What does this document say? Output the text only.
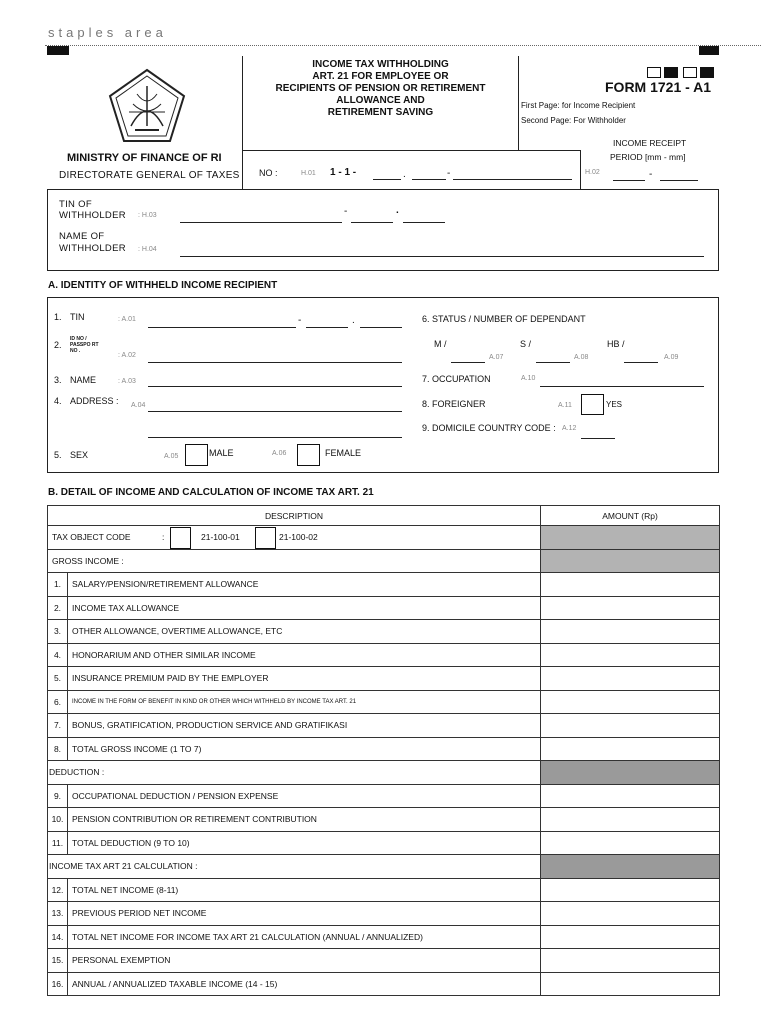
staples area
MINISTRY OF FINANCE OF RI
DIRECTORATE GENERAL OF TAXES
INCOME TAX WITHHOLDING
ART. 21 FOR EMPLOYEE OR
RECIPIENTS OF PENSION OR RETIREMENT
ALLOWANCE AND
RETIREMENT SAVING
FORM 1721 - A1
First Page: for Income Recipient
Second Page: For Withholder
NO :	H.01 1 - 1 -	.	-
INCOME RECEIPT
PERIOD [mm - mm]
H.02	-
TIN OF
WITHHOLDER : H.03	-	.
NAME OF
WITHHOLDER : H.04
A. IDENTITY OF WITHHELD INCOME RECIPIENT
1. TIN	: A.01	-	.
2.
ID NO /
PASSPO RT
NO .
: A.02
3. NAME	: A.03
4. ADDRESS : A.04
5. SEX	A.05	MALE	A.06	FEMALE
6. STATUS / NUMBER OF DEPENDANT
M /	S /	HB /
A.07	A.08	A.09
7. OCCUPATION	A.10
8. FOREIGNER	A.11	YES
9. DOMICILE COUNTRY CODE : A.12
B. DETAIL OF INCOME AND CALCULATION OF INCOME TAX ART. 21
DESCRIPTION		AMOUNT (Rp)
TAX OBJECT CODE : 21-100-01 21-100-02		

GROSS INCOME :		
1.	SALARY/PENSION/RETIREMENT ALLOWANCE	
2.	INCOME TAX ALLOWANCE	
3.	OTHER ALLOWANCE, OVERTIME ALLOWANCE, ETC	
4.	HONORARIUM AND OTHER SIMILAR INCOME	
5.	INSURANCE PREMIUM PAID BY THE EMPLOYER	
6.	INCOME IN THE FORM OF BENEFIT IN KIND OR OTHER WHICH WITHHELD BY INCOME TAX ART. 21	
7.	BONUS, GRATIFICATION, PRODUCTION SERVICE AND GRATIFIKASI	
8.	TOTAL GROSS INCOME (1 TO 7)	
DEDUCTION :		
9.	OCCUPATIONAL DEDUCTION / PENSION EXPENSE	
10.	PENSION CONTRIBUTION OR RETIREMENT CONTRIBUTION	
11.	TOTAL DEDUCTION (9 TO 10)	
INCOME TAX ART 21 CALCULATION :		
12.	TOTAL NET INCOME (8-11)	
13.	PREVIOUS PERIOD NET INCOME	
14.	TOTAL NET INCOME FOR INCOME TAX ART 21 CALCULATION (ANNUAL / ANNUALIZED)	
15.	PERSONAL EXEMPTION	
16.	ANNUAL / ANNUALIZED TAXABLE INCOME (14 - 15)	
